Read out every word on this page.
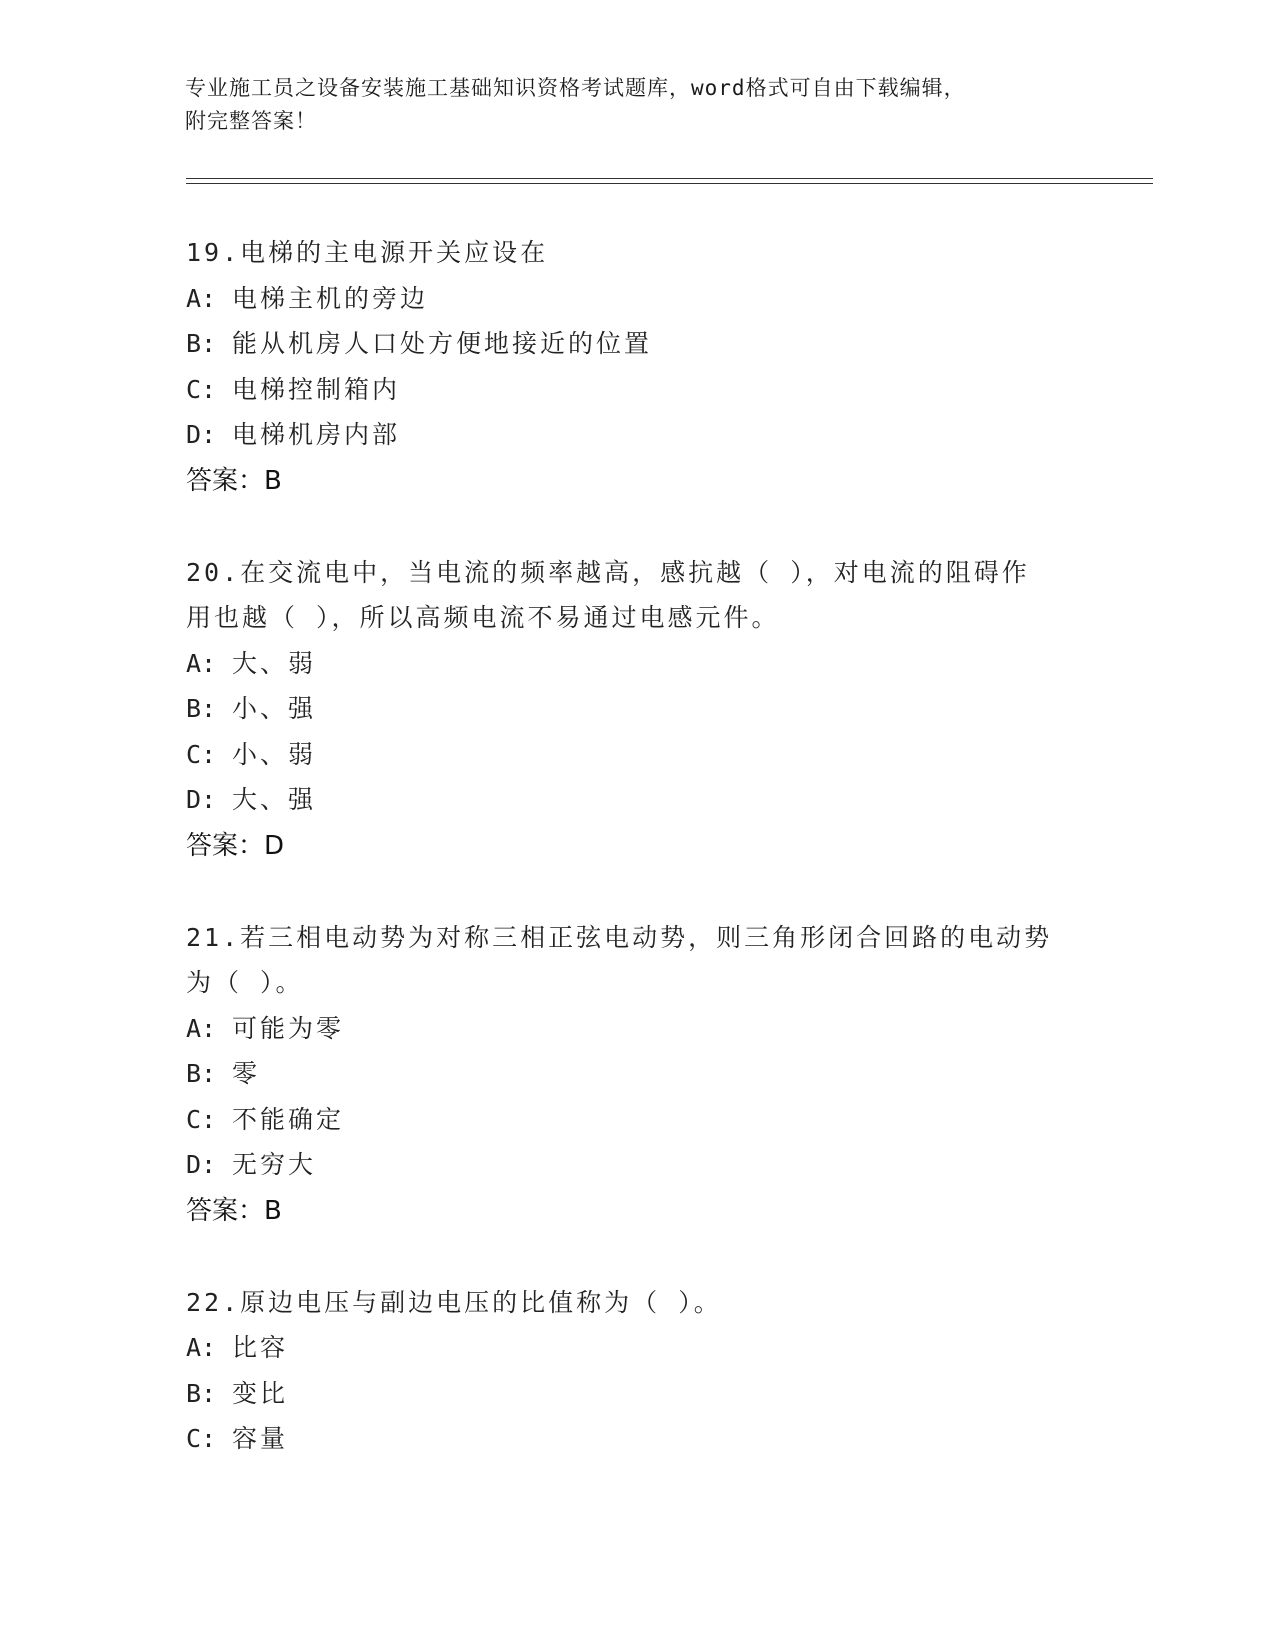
专业施工员之设备安装施工基础知识资格考试题库，word格式可自由下载编辑，
附完整答案！
19.电梯的主电源开关应设在
A: 电梯主机的旁边
B: 能从机房人口处方便地接近的位置
C: 电梯控制箱内
D: 电梯机房内部
答案：B
20.在交流电中，当电流的频率越高，感抗越（ ），对电流的阻碍作
用也越（ ），所以高频电流不易通过电感元件。
A: 大、弱
B: 小、强
C: 小、弱
D: 大、强
答案：D
21.若三相电动势为对称三相正弦电动势，则三角形闭合回路的电动势
为（ ）。
A: 可能为零
B: 零
C: 不能确定
D: 无穷大
答案：B
22.原边电压与副边电压的比值称为（ ）。
A: 比容
B: 变比
C: 容量
